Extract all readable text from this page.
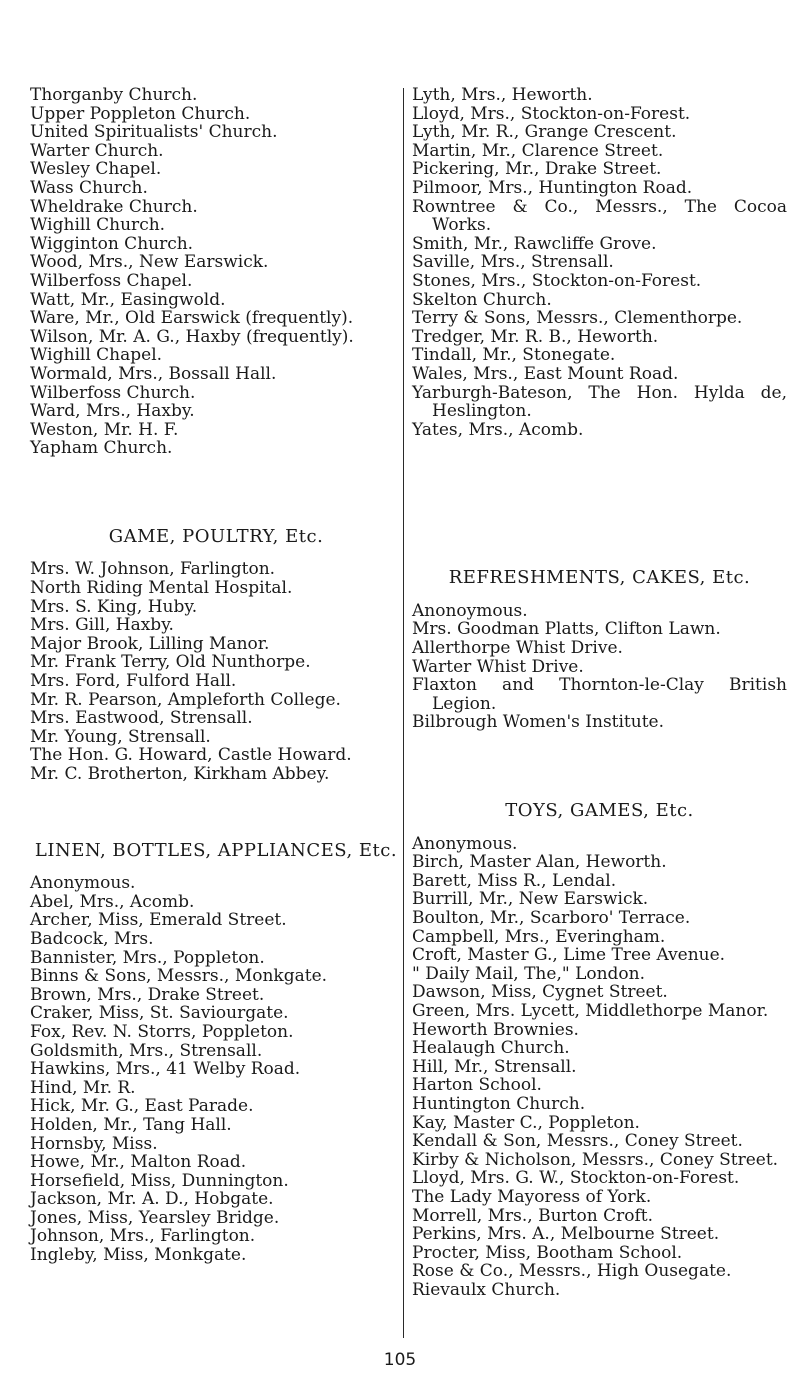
Thorganby Church.
Upper Poppleton Church.
United Spiritualists' Church.
Warter Church.
Wesley Chapel.
Wass Church.
Wheldrake Church.
Wighill Church.
Wigginton Church.
Wood, Mrs., New Earswick.
Wilberfoss Chapel.
Watt, Mr., Easingwold.
Ware, Mr., Old Earswick (frequently).
Wilson, Mr. A. G., Haxby (frequently).
Wighill Chapel.
Wormald, Mrs., Bossall Hall.
Wilberfoss Church.
Ward, Mrs., Haxby.
Weston, Mr. H. F.
Yapham Church.

GAME, POULTRY, Etc.

Mrs. W. Johnson, Farlington.
North Riding Mental Hospital.
Mrs. S. King, Huby.
Mrs. Gill, Haxby.
Major Brook, Lilling Manor.
Mr. Frank Terry, Old Nunthorpe.
Mrs. Ford, Fulford Hall.
Mr. R. Pearson, Ampleforth College.
Mrs. Eastwood, Strensall.
Mr. Young, Strensall.
The Hon. G. Howard, Castle Howard.
Mr. C. Brotherton, Kirkham Abbey.

LINEN, BOTTLES, APPLIANCES, Etc.

Anonymous.
Abel, Mrs., Acomb.
Archer, Miss, Emerald Street.
Badcock, Mrs.
Bannister, Mrs., Poppleton.
Binns & Sons, Messrs., Monkgate.
Brown, Mrs., Drake Street.
Craker, Miss, St. Saviourgate.
Fox, Rev. N. Storrs, Poppleton.
Goldsmith, Mrs., Strensall.
Hawkins, Mrs., 41 Welby Road.
Hind, Mr. R.
Hick, Mr. G., East Parade.
Holden, Mr., Tang Hall.
Hornsby, Miss.
Howe, Mr., Malton Road.
Horsefield, Miss, Dunnington.
Jackson, Mr. A. D., Hobgate.
Jones, Miss, Yearsley Bridge.
Johnson, Mrs., Farlington.
Ingleby, Miss, Monkgate.
Lyth, Mrs., Heworth.
Lloyd, Mrs., Stockton-on-Forest.
Lyth, Mr. R., Grange Crescent.
Martin, Mr., Clarence Street.
Pickering, Mr., Drake Street.
Pilmoor, Mrs., Huntington Road.
Rowntree & Co., Messrs., The Cocoa Works.
Smith, Mr., Rawcliffe Grove.
Saville, Mrs., Strensall.
Stones, Mrs., Stockton-on-Forest.
Skelton Church.
Terry & Sons, Messrs., Clementhorpe.
Tredger, Mr. R. B., Heworth.
Tindall, Mr., Stonegate.
Wales, Mrs., East Mount Road.
Yarburgh-Bateson, The Hon. Hylda de, Heslington.
Yates, Mrs., Acomb.

REFRESHMENTS, CAKES, Etc.

Anonoymous.
Mrs. Goodman Platts, Clifton Lawn.
Allerthorpe Whist Drive.
Warter Whist Drive.
Flaxton and Thornton-le-Clay British Legion.
Bilbrough Women's Institute.

TOYS, GAMES, Etc.

Anonymous.
Birch, Master Alan, Heworth.
Barett, Miss R., Lendal.
Burrill, Mr., New Earswick.
Boulton, Mr., Scarboro' Terrace.
Campbell, Mrs., Everingham.
Croft, Master G., Lime Tree Avenue.
" Daily Mail, The," London.
Dawson, Miss, Cygnet Street.
Green, Mrs. Lycett, Middlethorpe Manor.
Heworth Brownies.
Healaugh Church.
Hill, Mr., Strensall.
Harton School.
Huntington Church.
Kay, Master C., Poppleton.
Kendall & Son, Messrs., Coney Street.
Kirby & Nicholson, Messrs., Coney Street.
Lloyd, Mrs. G. W., Stockton-on-Forest.
The Lady Mayoress of York.
Morrell, Mrs., Burton Croft.
Perkins, Mrs. A., Melbourne Street.
Procter, Miss, Bootham School.
Rose & Co., Messrs., High Ousegate.
Rievaulx Church.
105
